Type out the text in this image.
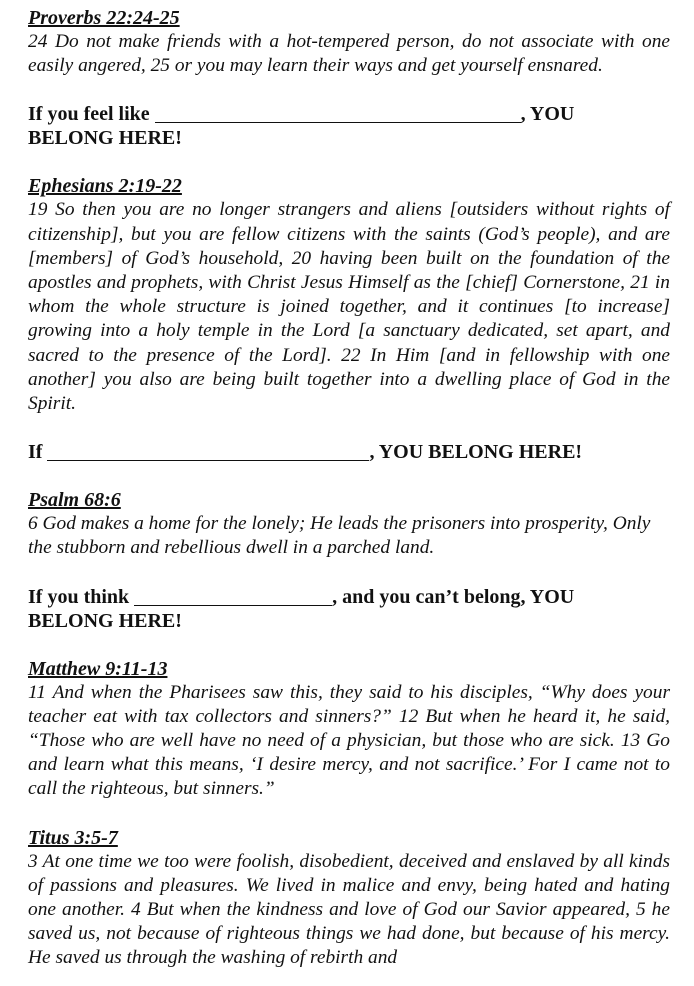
Proverbs 22:24-25

24 Do not make friends with a hot-tempered person, do not associate with one easily angered, 25 or you may learn their ways and get yourself ensnared.

If you feel like	, YOU
BELONG HERE!

Ephesians 2:19-22

19 So then you are no longer strangers and aliens [outsiders without rights of citizenship], but you are fellow citizens with the saints (God’s people), and are [members] of God’s household, 20 having been built on the foundation of the apostles and prophets, with Christ Jesus Himself as the [chief] Cornerstone, 21 in whom the whole structure is joined together, and it continues [to increase] growing into a holy temple in the Lord [a sanctuary dedicated, set apart, and sacred to the presence of the Lord]. 22 In Him [and in fellowship with one another] you also are being built together into a dwelling place of God in the Spirit.

If	, YOU BELONG HERE!

Psalm 68:6

6 God makes a home for the lonely; He leads the prisoners into prosperity, Only the stubborn and rebellious dwell in a parched land.

If you think	, and you can’t belong, YOU
BELONG HERE!

Matthew 9:11-13

11 And when the Pharisees saw this, they said to his disciples, “Why does your teacher eat with tax collectors and sinners?” 12 But when he heard it, he said, “Those who are well have no need of a physician, but those who are sick. 13 Go and learn what this means, ‘I desire mercy, and not sacrifice.’ For I came not to call the righteous, but sinners.”

Titus 3:5-7

3 At one time we too were foolish, disobedient, deceived and enslaved by all kinds of passions and pleasures. We lived in malice and envy, being hated and hating one another. 4 But when the kindness and love of God our Savior appeared, 5 he saved us, not because of righteous things we had done, but because of his mercy. He saved us through the washing of rebirth and
